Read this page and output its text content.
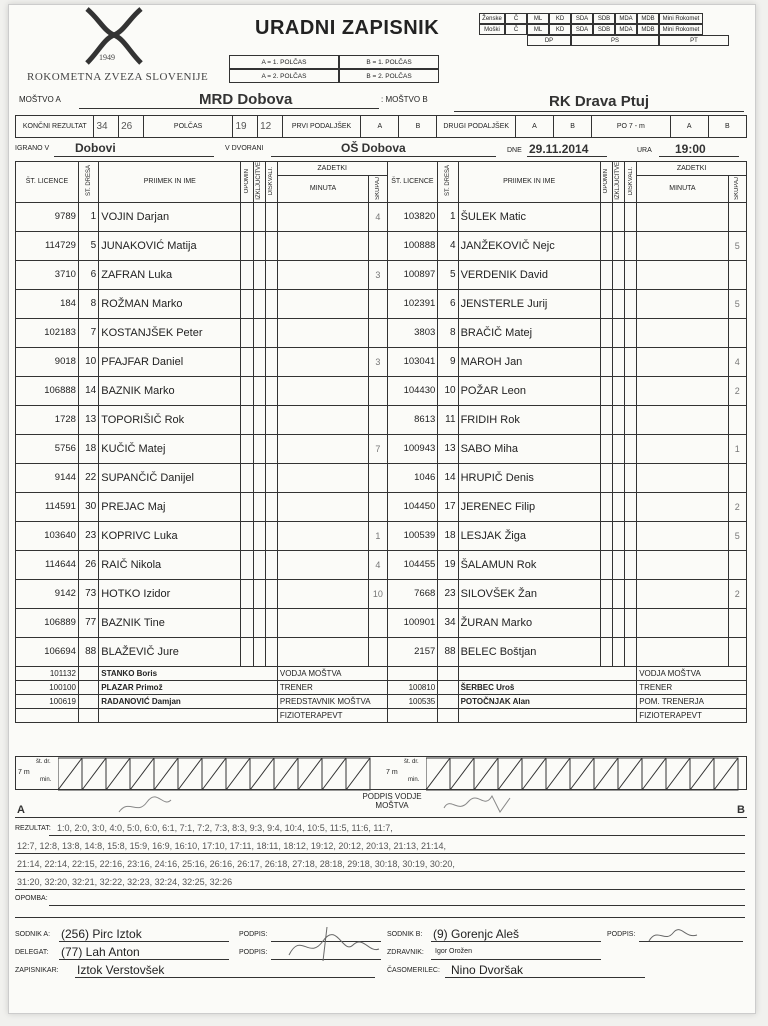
1949
ROKOMETNA ZVEZA SLOVENIJE
URADNI ZAPISNIK
A = 1. POLČAS	B = 1. POLČAS
A = 2. POLČAS	B = 2. POLČAS
Ženske	Č	ML	KD	SDA	SDB	MDA	MDB	Mini Rokomet
Moški	Č	ML	KD	SDA	SDB	MDA	MDB	Mini Rokomet
DP	PS	PT
MOŠTVO A	MRD Dobova	: MOŠTVO B	RK Drava Ptuj
KONČNI REZULTAT	34	26	POLČAS	19	12	PRVI PODALJŠEK	A	B	DRUGI PODALJŠEK	A	B	PO 7 - m	A	B
IGRANO V Dobovi	V DVORANI	OŠ Dobova	DNE 29.11.2014	URA 19:00
ŠT. LICENCE	ŠT. DRESA	PRIIMEK IN IME	OPOMIN	IZKLJUČITVE	DISKVALI.	ZADETKI		ŠT. LICENCE	ŠT. DRESA	PRIIMEK IN IME	OPOMIN	IZKLJUČITVE	DISKVALI.	ZADETKI	
						MINUTA	SKUPAJ							MINUTA	SKUPAJ
9789	1	VOJIN Darjan					4	103820	1	ŠULEK Matic					
114729	5	JUNAKOVIĆ Matija						100888	4	JANŽEKOVIČ Nejc					5
3710	6	ZAFRAN Luka					3	100897	5	VERDENIK David					
184	8	ROŽMAN Marko						102391	6	JENSTERLE Jurij					5
102183	7	KOSTANJŠEK Peter						3803	8	BRAČIČ Matej					
9018	10	PFAJFAR Daniel					3	103041	9	MAROH Jan					4
106888	14	BAZNIK Marko						104430	10	POŽAR Leon					2
1728	13	TOPORIŠIČ Rok						8613	11	FRIDIH Rok					
5756	18	KUČIČ Matej					7	100943	13	SABO Miha					1
9144	22	SUPANČIČ Danijel						1046	14	HRUPIČ Denis					
114591	30	PREJAC Maj						104450	17	JERENEC Filip					2
103640	23	KOPRIVC Luka					1	100539	18	LESJAK Žiga					5
114644	26	RAIČ Nikola					4	104455	19	ŠALAMUN Rok					
9142	73	HOTKO Izidor					10	7668	23	SILOVŠEK Žan					2
106889	77	BAZNIK Tine						100901	34	ŽURAN Marko					
106694	88	BLAŽEVIČ Jure						2157	88	BELEC Boštjan					
101132		STANKO Boris				VODJA MOŠTVA								VODJA MOŠTVA	
100100		PLAZAR Primož				TRENER		100810		ŠERBEC Uroš				TRENER	
100619		RADANOVIĆ Damjan				PREDSTAVNIK MOŠTVA		100535		POTOČNJAK Alan				POM. TRENERJA	
						FIZIOTERAPEVT								FIZIOTERAPEVT	
7 m
št. dr.
min.
7 m
št. dr.
min.
A
PODPIS VODJE MOŠTVA	B
REZULTAT: 1:0, 2:0, 3:0, 4:0, 5:0, 6:0, 6:1, 7:1, 7:2, 7:3, 8:3, 9:3, 9:4, 10:4, 10:5, 11:5, 11:6, 11:7,
12:7, 12:8, 13:8, 14:8, 15:8, 15:9, 16:9, 16:10, 17:10, 17:11, 18:11, 18:12, 19:12, 20:12, 20:13, 21:13, 21:14,
21:14, 22:14, 22:15, 22:16, 23:16, 24:16, 25:16, 26:16, 26:17, 26:18, 27:18, 28:18, 29:18, 30:18, 30:19, 30:20,
31:20, 32:20, 32:21, 32:22, 32:23, 32:24, 32:25, 32:26
OPOMBA:
SODNIK A: (256) Pirc Iztok
DELEGAT: (77) Lah Anton
ZAPISNIKAR: Iztok Verstovšek
PODPIS:
PODPIS:
SODNIK B: (9) Gorenjc Aleš
ZDRAVNIK: Igor Orožen
ČASOMERILEC: Nino Dvoršak
PODPIS:
